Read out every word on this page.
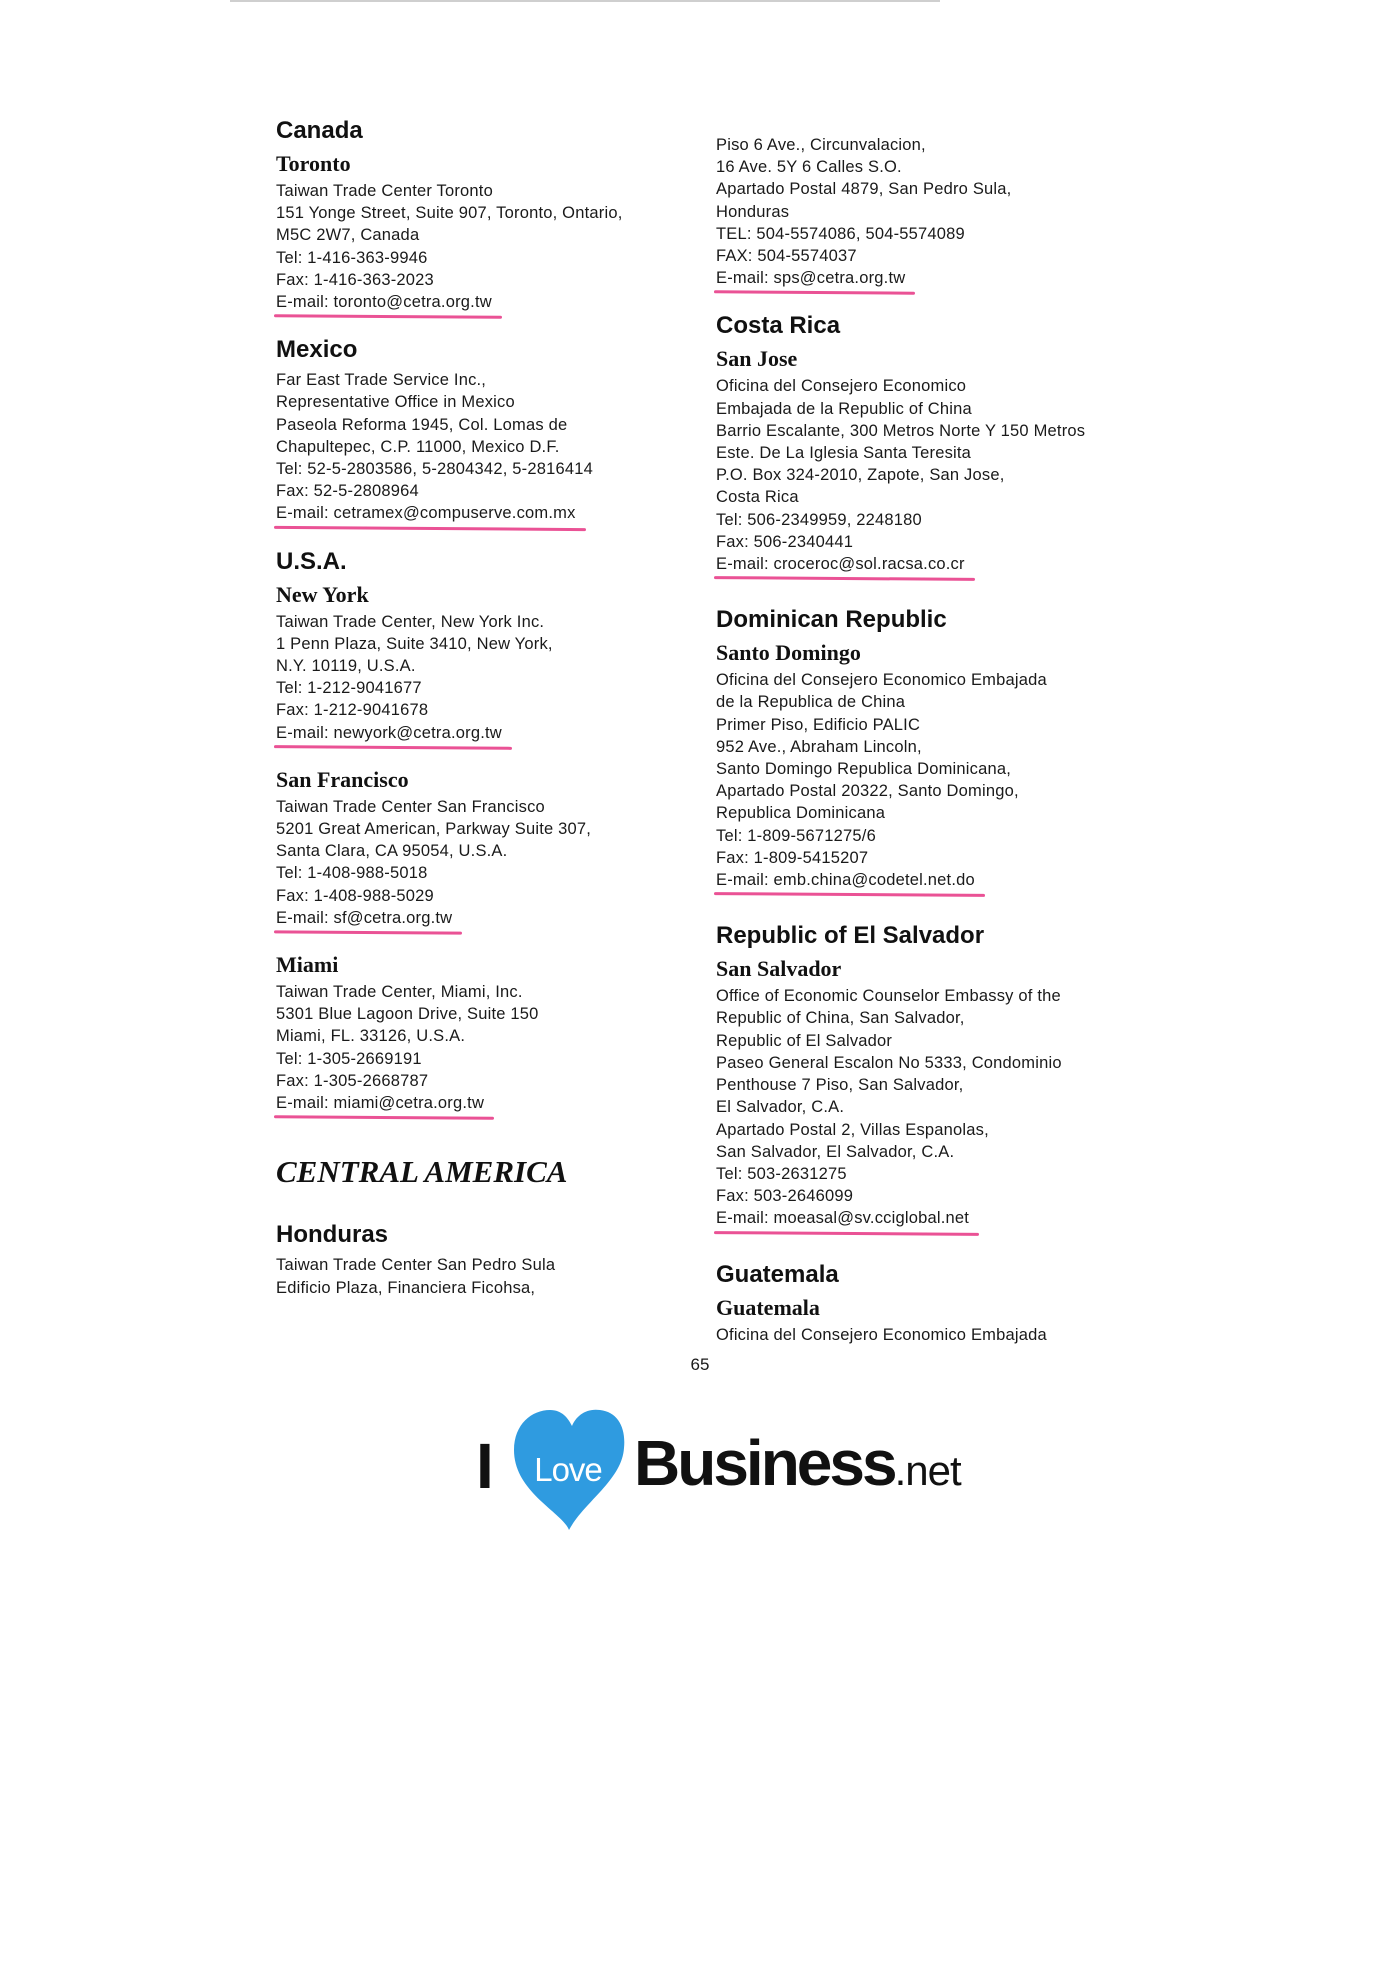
Canada
Toronto

Taiwan Trade Center Toronto

151 Yonge Street, Suite 907, Toronto, Ontario,

M5C 2W7, Canada

Tel: 1-416-363-9946

Fax: 1-416-363-2023

E-mail: toronto@cetra.org.tw

Mexico

Far East Trade Service Inc.,

Representative Office in Mexico

Paseola Reforma 1945, Col. Lomas de

Chapultepec, C.P. 11000, Mexico D.F.

Tel: 52-5-2803586, 5-2804342, 5-2816414

Fax: 52-5-2808964

E-mail: cetramex@compuserve.com.mx

U.S.A.
New York

Taiwan Trade Center, New York Inc.

1 Penn Plaza, Suite 3410, New York,

N.Y. 10119, U.S.A.

Tel: 1-212-9041677

Fax: 1-212-9041678

E-mail: newyork@cetra.org.tw

San Francisco

Taiwan Trade Center San Francisco

5201 Great American, Parkway Suite 307,

Santa Clara, CA 95054, U.S.A.

Tel: 1-408-988-5018

Fax: 1-408-988-5029

E-mail: sf@cetra.org.tw

Miami

Taiwan Trade Center, Miami, Inc.

5301 Blue Lagoon Drive, Suite 150

Miami, FL. 33126, U.S.A.

Tel: 1-305-2669191

Fax: 1-305-2668787

E-mail: miami@cetra.org.tw

CENTRAL AMERICA
Honduras

Taiwan Trade Center San Pedro Sula

Edificio Plaza, Financiera Ficohsa,

Piso 6 Ave., Circunvalacion,

16 Ave. 5Y 6 Calles S.O.

Apartado Postal 4879, San Pedro Sula,

Honduras

TEL: 504-5574086, 504-5574089

FAX: 504-5574037

E-mail: sps@cetra.org.tw

Costa Rica
San Jose

Oficina del Consejero Economico

Embajada de la Republic of China

Barrio Escalante, 300 Metros Norte Y 150 Metros

Este. De La Iglesia Santa Teresita

P.O. Box 324-2010, Zapote, San Jose,

Costa Rica

Tel: 506-2349959, 2248180

Fax: 506-2340441

E-mail: croceroc@sol.racsa.co.cr

Dominican Republic
Santo Domingo

Oficina del Consejero Economico Embajada

de la Republica de China

Primer Piso, Edificio PALIC

952 Ave., Abraham Lincoln,

Santo Domingo Republica Dominicana,

Apartado Postal 20322, Santo Domingo,

Republica Dominicana

Tel: 1-809-5671275/6

Fax: 1-809-5415207

E-mail: emb.china@codetel.net.do

Republic of El Salvador
San Salvador

Office of Economic Counselor Embassy of the

Republic of China, San Salvador,

Republic of El Salvador

Paseo General Escalon No 5333, Condominio

Penthouse 7 Piso, San Salvador,

El Salvador, C.A.

Apartado Postal 2, Villas Espanolas,

San Salvador, El Salvador, C.A.

Tel: 503-2631275

Fax: 503-2646099

E-mail: moeasal@sv.cciglobal.net

Guatemala
Guatemala

Oficina del Consejero Economico Embajada

65
I	Love Business.net
